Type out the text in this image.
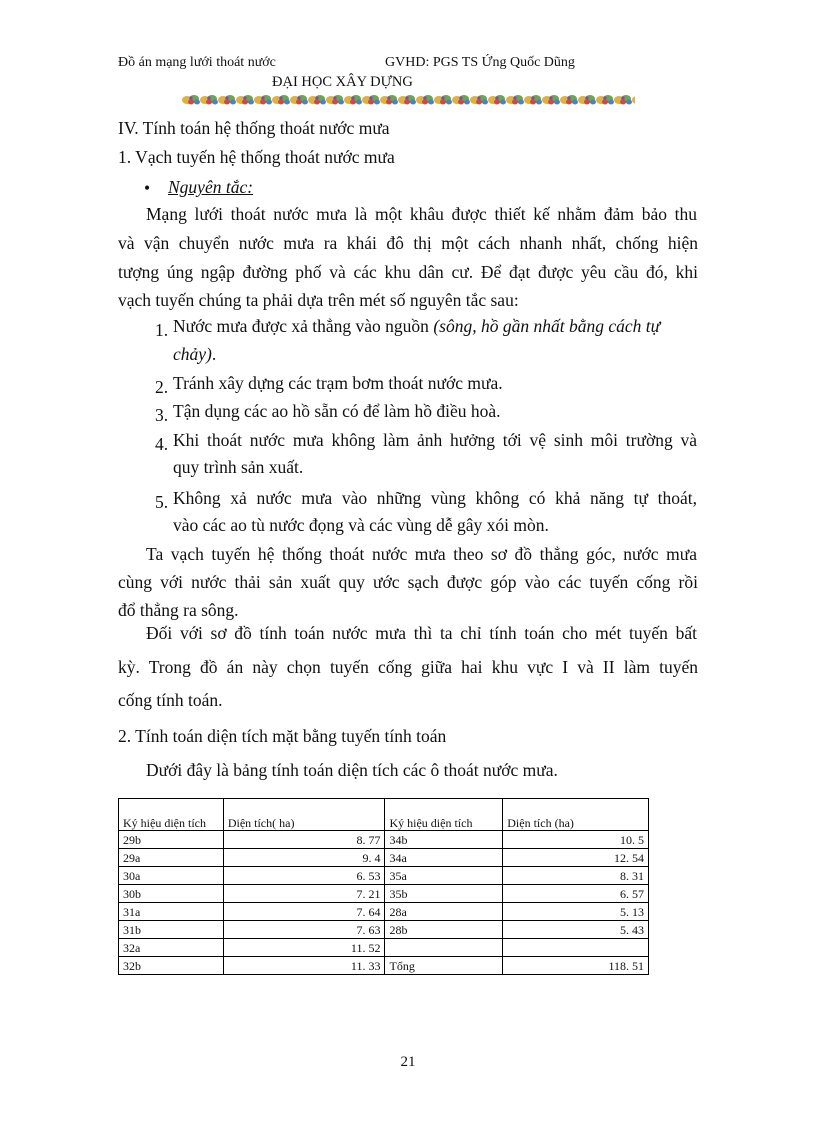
Đồ án mạng lưới thoát nước	GVHD: PGS TS Ứng Quốc Dũng
ĐẠI HỌC XÂY DỰNG
IV. Tính toán hệ thống thoát nước mưa
1. Vạch tuyến hệ thống thoát nước mưa
• Nguyên tắc:
Mạng lưới thoát nước mưa là một khâu được thiết kế nhằm đảm bảo thu
và vận chuyển nước mưa ra khái đô thị một cách nhanh nhất, chống hiện
tượng úng ngập đường phố và các khu dân cư. Để đạt được yêu cầu đó, khi
vạch tuyến chúng ta phải dựa trên mét số nguyên tắc sau:
1. Nước mưa được xả thẳng vào nguồn (sông, hồ gần nhất bằng cách tự
chảy).
2. Tránh xây dựng các trạm bơm thoát nước mưa.
3. Tận dụng các ao hồ sẵn có để làm hồ điều hoà.
4. Khi thoát nước mưa không làm ảnh hưởng tới vệ sinh môi trường và
quy trình sản xuất.
5. Không xả nước mưa vào những vùng không có khả năng tự thoát,
vào các ao tù nước đọng và các vùng dễ gây xói mòn.
Ta vạch tuyến hệ thống thoát nước mưa theo sơ đồ thẳng góc, nước mưa
cùng với nước thải sản xuất quy ước sạch được góp vào các tuyến cống rồi
đổ thẳng ra sông.
Đối với sơ đồ tính toán nước mưa thì ta chỉ tính toán cho mét tuyến bất
kỳ. Trong đồ án này chọn tuyến cống giữa hai khu vực I và II làm tuyến
cống tính toán.
2. Tính toán diện tích mặt bằng tuyến tính toán
Dưới đây là bảng tính toán diện tích các ô thoát nước mưa.
Ký hiệu diện tích	Diện tích( ha)	Ký hiệu diện tích	Diện tích (ha)
29b	8. 77	34b	10. 5
29a	9. 4	34a	12. 54
30a	6. 53	35a	8. 31
30b	7. 21	35b	6. 57
31a	7. 64	28a	5. 13
31b	7. 63	28b	5. 43
32a	11. 52		
32b	11. 33	Tổng	118. 51
21
